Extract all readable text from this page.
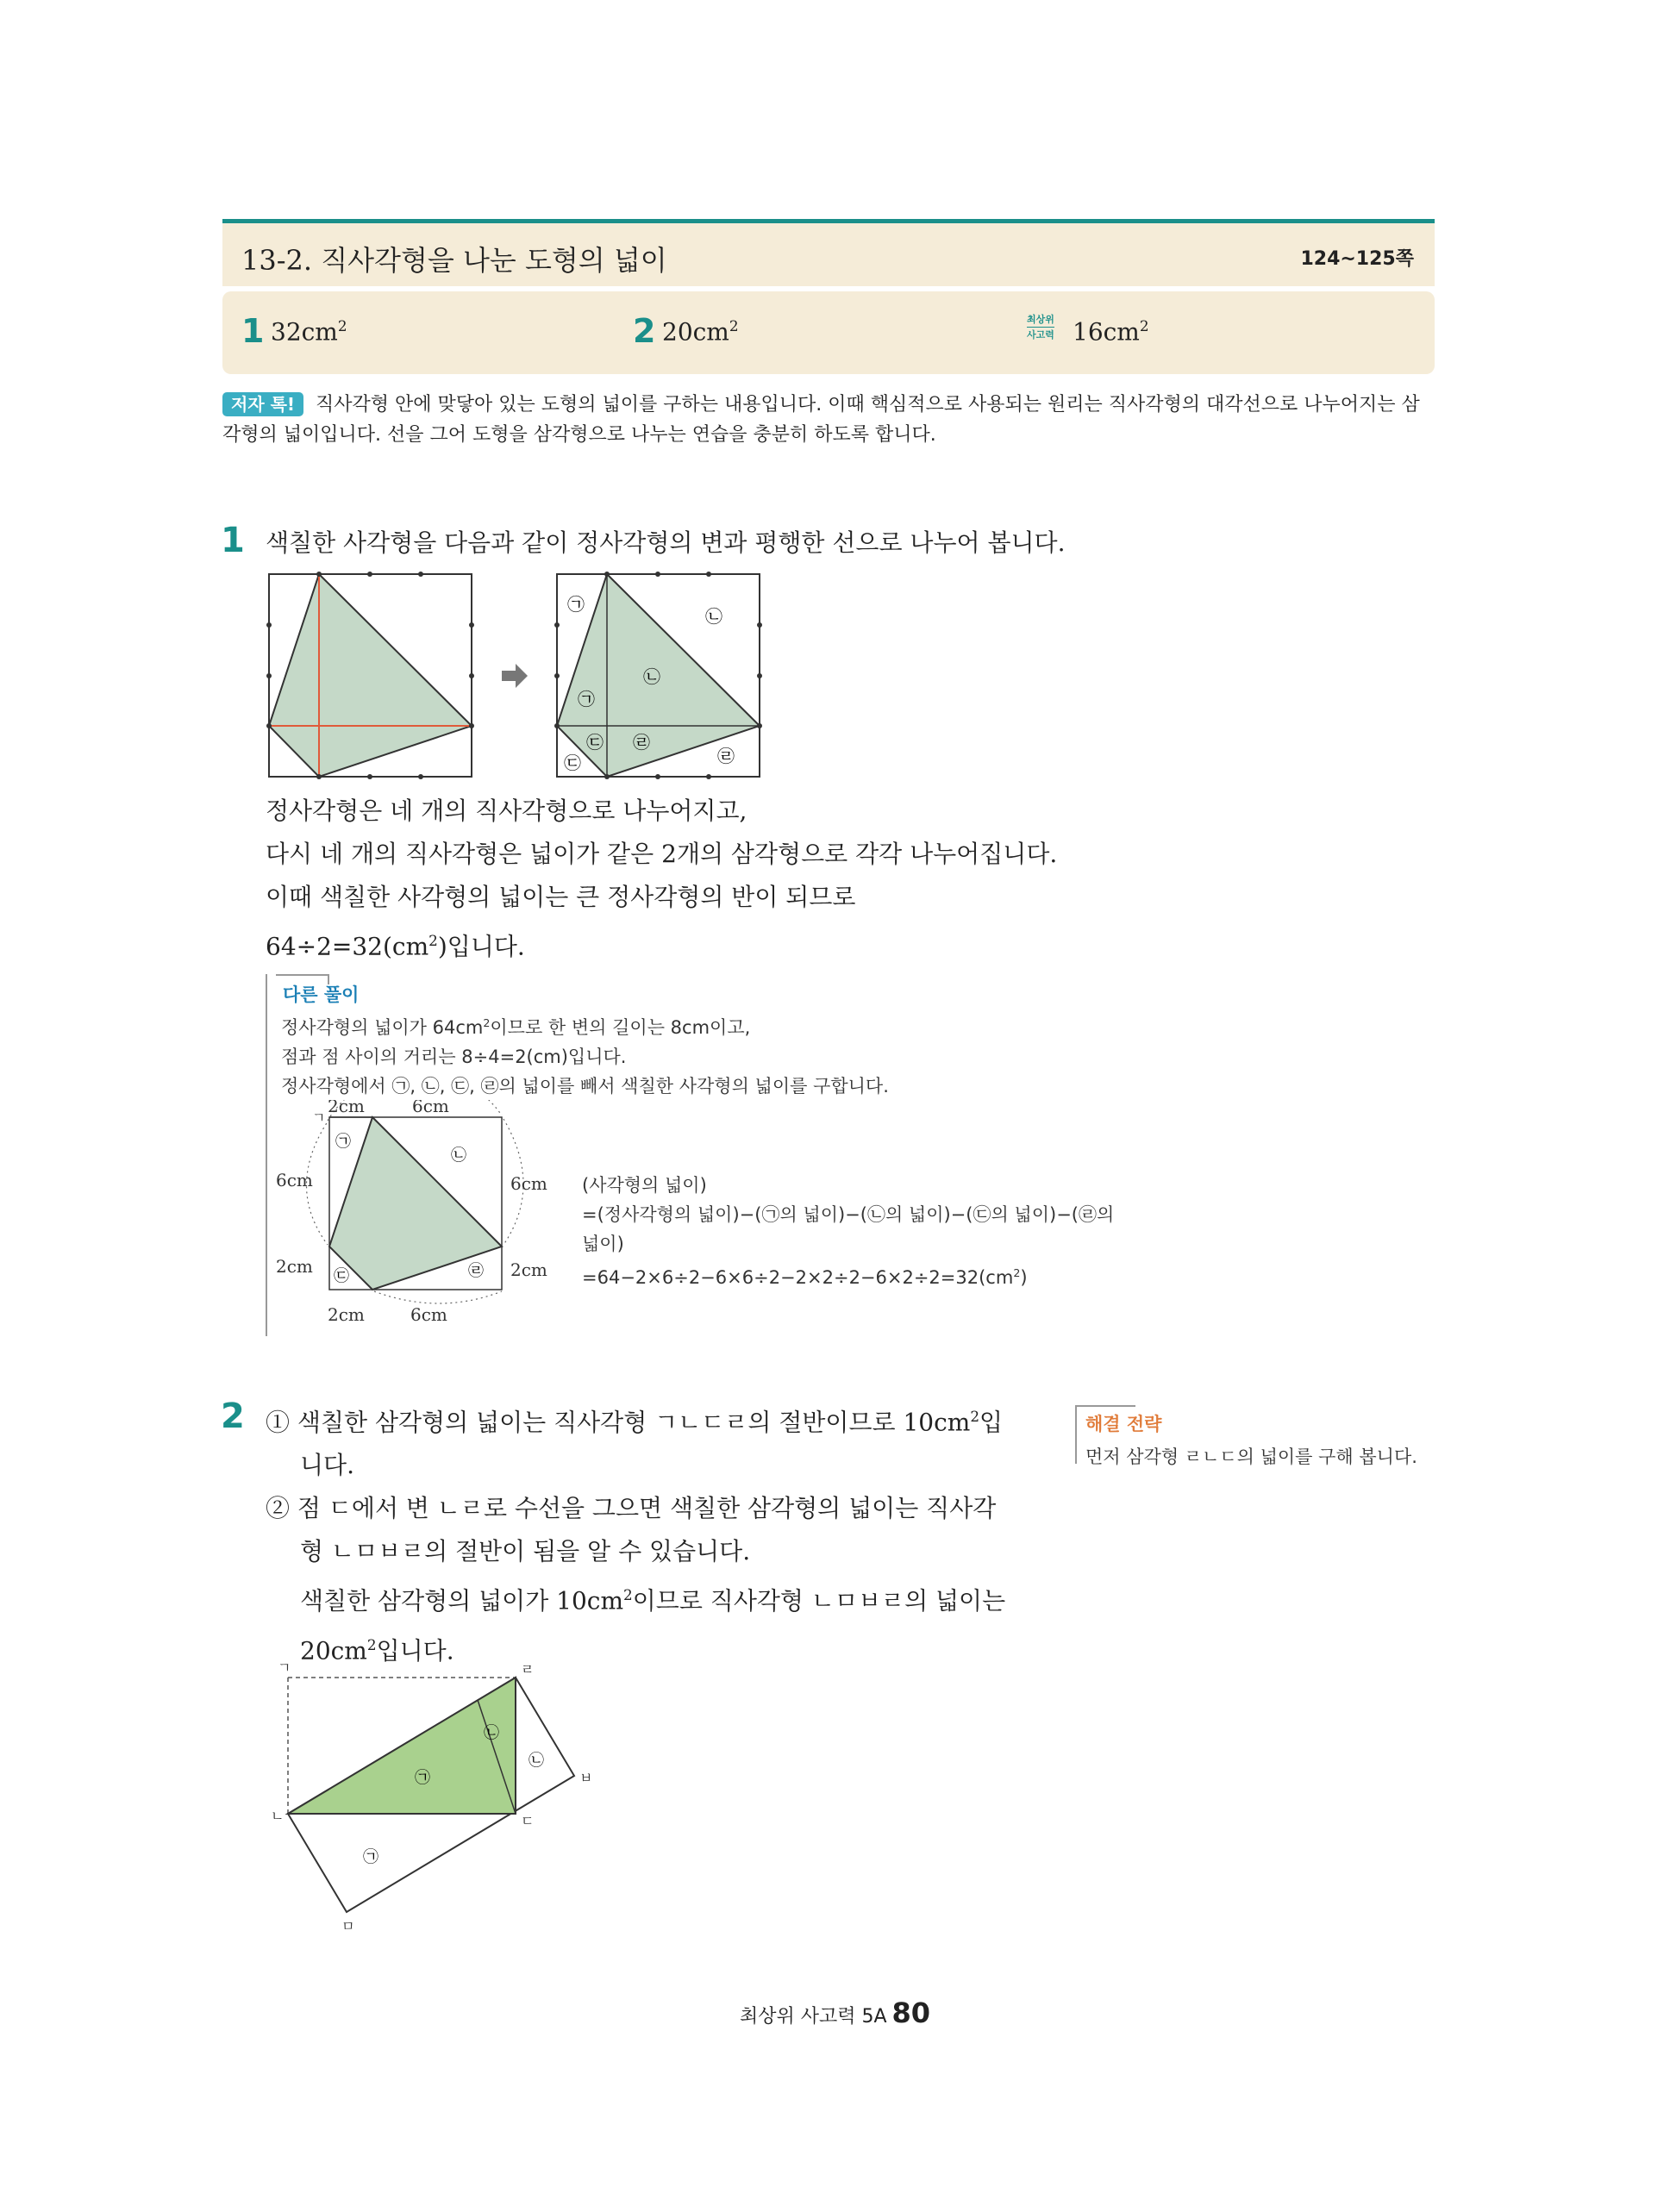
13-2. 직사각형을 나눈 도형의 넓이	124~125쪽
1 $32cm^2$	2 $20cm^2$	최상위
사고력 $16cm^2$
저자 톡! 직사각형 안에 맞닿아 있는 도형의 넓이를 구하는 내용입니다. 이때 핵심적으로 사용되는 원리는 직사각형의 대각선으로 나누어지는 삼각형의 넓이입니다. 선을 그어 도형을 삼각형으로 나누는 연습을 충분히 하도록 합니다.
1 색칠한 사각형을 다음과 같이 정사각형의 변과 평행한 선으로 나누어 봅니다.
㉠
㉠
㉡
㉡
㉢
㉢ ㉣
㉣
정사각형은 네 개의 직사각형으로 나누어지고,
다시 네 개의 직사각형은 넓이가 같은 2개의 삼각형으로 각각 나누어집니다.
이때 색칠한 사각형의 넓이는 큰 정사각형의 반이 되므로
$64\div 2=32(cm^2)$입니다.
다른 풀이
정사각형의 넓이가 $64cm^2$이므로 한 변의 길이는 8cm이고,
점과 점 사이의 거리는 8÷4=2(cm)입니다.
정사각형에서 ㉠, ㉡, ㉢, ㉣의 넓이를 빼서 색칠한 사각형의 넓이를 구합니다.
2cm	6cm
6cm	6cm
2cm	2cm
2cm	6cm
ㄱ
㉠
㉡
㉢	㉣
(사각형의 넓이)
=(정사각형의 넓이)−(㉠의 넓이)−(㉡의 넓이)−(㉢의 넓이)−(㉣의 넓이)
$=64-2\times 6\div 2-6\times 6\div 2-2\times 2\div 2-6\times 2\div 2=32(cm^2)$
2 ① 색칠한 삼각형의 넓이는 직사각형 ㄱㄴㄷㄹ의 절반이므로 $10cm^2$입
니다.
② 점 ㄷ에서 변 ㄴㄹ로 수선을 그으면 색칠한 삼각형의 넓이는 직사각
형 ㄴㅁㅂㄹ의 절반이 됨을 알 수 있습니다.
색칠한 삼각형의 넓이가 $10cm^2$이므로 직사각형 ㄴㅁㅂㄹ의 넓이는
$20cm^2$입니다.
해결 전략
먼저 삼각형 ㄹㄴㄷ의 넓이를 구해 봅니다.
ㄱ
ㄴ	ㄷ
ㄹ
ㅁ
ㅂ
㉠
㉠
㉡
㉡
최상위 사고력 5A 80
